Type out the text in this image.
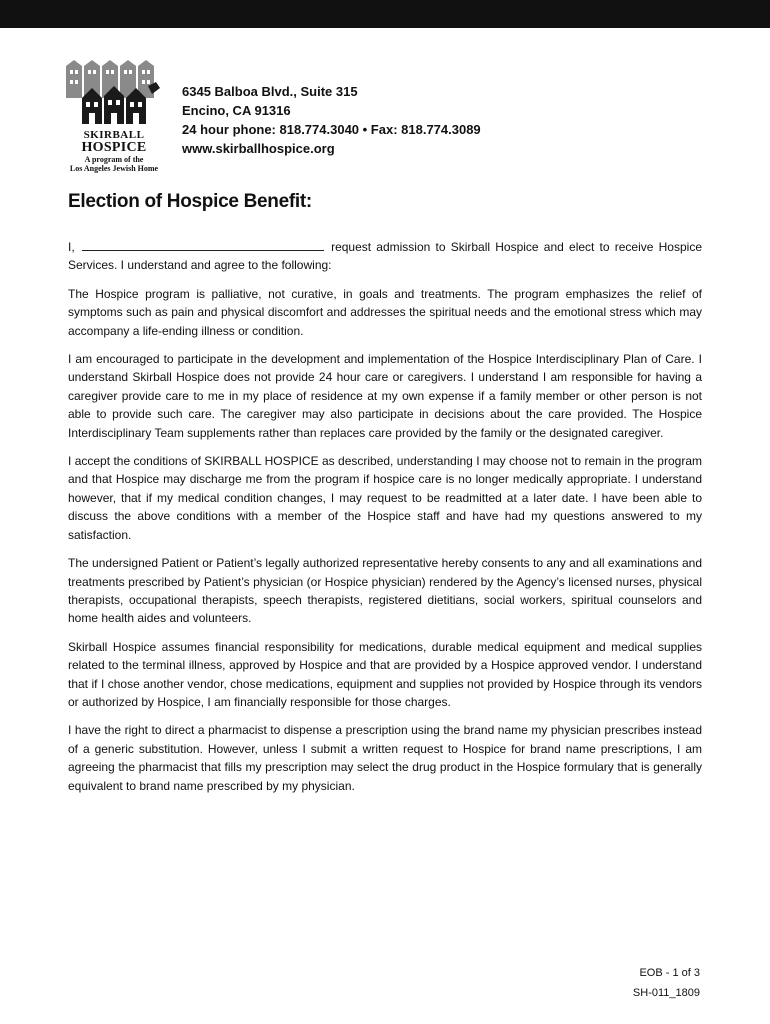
SKIRBALL
HOSPICE
A program of the
Los Angeles Jewish Home
6345 Balboa Blvd., Suite 315
Encino, CA 91316
24 hour phone: 818.774.3040 • Fax: 818.774.3089
www.skirballhospice.org
Election of Hospice Benefit:

I,	request admission to Skirball Hospice and elect to receive Hospice Services. I understand and agree to the following:

The Hospice program is palliative, not curative, in goals and treatments. The program emphasizes the relief of symptoms such as pain and physical discomfort and addresses the spiritual needs and the emotional stress which may accompany a life-ending illness or condition.

I am encouraged to participate in the development and implementation of the Hospice Interdisciplinary Plan of Care. I understand Skirball Hospice does not provide 24 hour care or caregivers. I understand I am responsible for having a caregiver provide care to me in my place of residence at my own expense if a family member or other person is not able to provide such care. The caregiver may also participate in decisions about the care provided. The Hospice Interdisciplinary Team supplements rather than replaces care provided by the family or the designated caregiver.

I accept the conditions of SKIRBALL HOSPICE as described, understanding I may choose not to remain in the program and that Hospice may discharge me from the program if hospice care is no longer medically appropriate. I understand however, that if my medical condition changes, I may request to be readmitted at a later date. I have been able to discuss the above conditions with a member of the Hospice staff and have had my questions answered to my satisfaction.

The undersigned Patient or Patient’s legally authorized representative hereby consents to any and all examinations and treatments prescribed by Patient’s physician (or Hospice physician) rendered by the Agency’s licensed nurses, physical therapists, occupational therapists, speech therapists, registered dietitians, social workers, spiritual counselors and home health aides and volunteers.

Skirball Hospice assumes financial responsibility for medications, durable medical equipment and medical supplies related to the terminal illness, approved by Hospice and that are provided by a Hospice approved vendor. I understand that if I chose another vendor, chose medications, equipment and supplies not provided by Hospice through its vendors or authorized by Hospice, I am financially responsible for those charges.

I have the right to direct a pharmacist to dispense a prescription using the brand name my physician prescribes instead of a generic substitution. However, unless I submit a written request to Hospice for brand name prescriptions, I am agreeing the pharmacist that fills my prescription may select the drug product in the Hospice formulary that is generally equivalent to brand name prescribed by my physician.

EOB - 1 of 3
SH-011_1809
